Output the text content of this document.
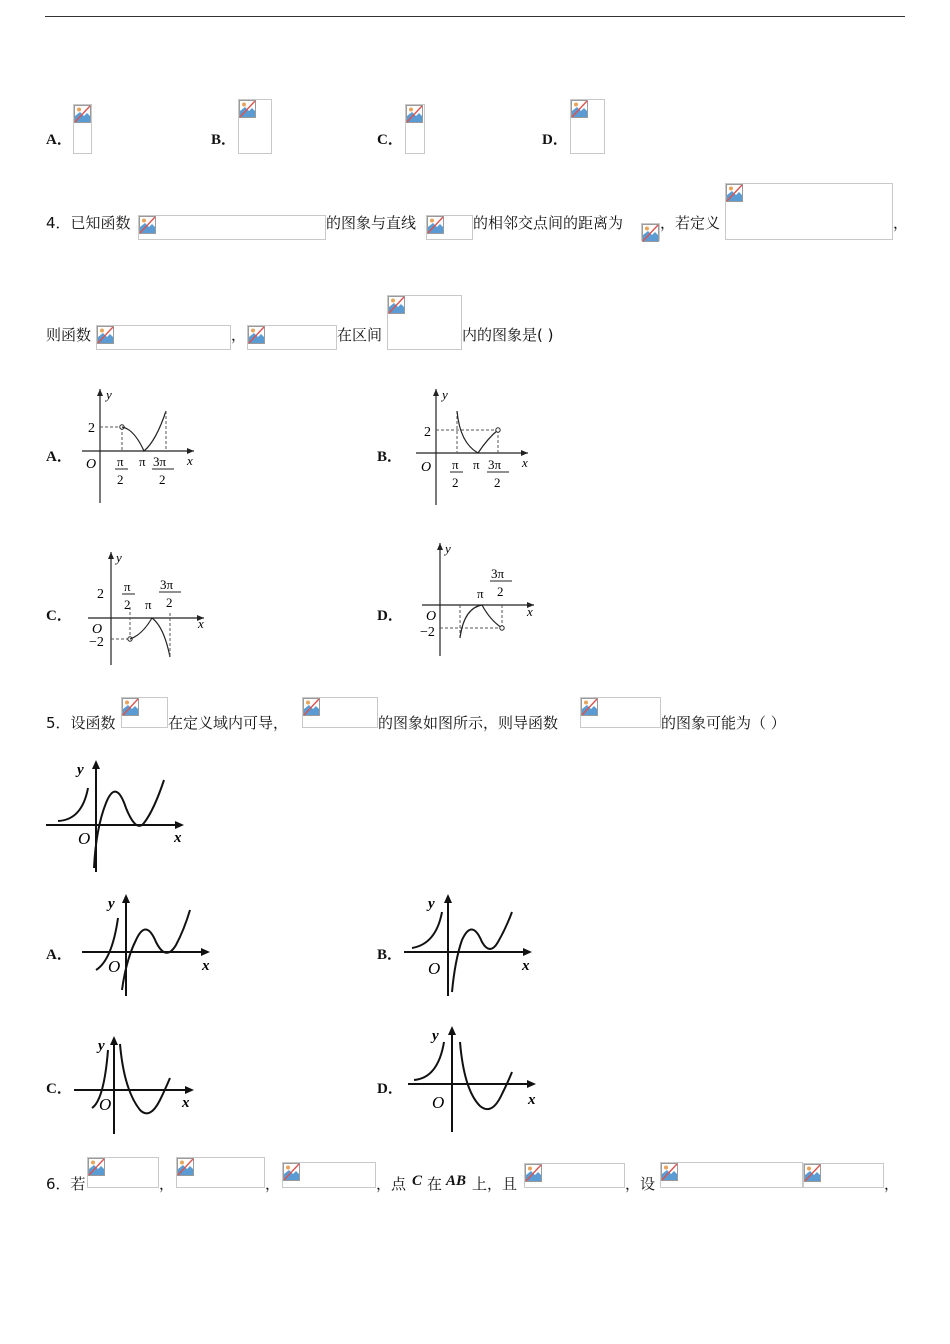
A．	B．	C．	D．
4．已知函数	的图象与直线	的相邻交点间的距离为 ，若定义	，
则函数	，	在区间	内的图象是( )
A．
y
x
O
2
π
2
π 3π
2
B．
y
x
O
2
π
2
π 3π
2
C．
y
x
O
2
−2
π
2 π
3π
2
D．
y
x
O
−2
π
3π
2
5．设函数	在定义域内可导，	的图象如图所示，则导函数	的图象可能为（ ）
y
x
O
A．
y
x
O
B．
y
x
O
C．
y
x
O
D．
y
x
O
6．若	，	，	，点 C 在 AB 上，且	，设	，
